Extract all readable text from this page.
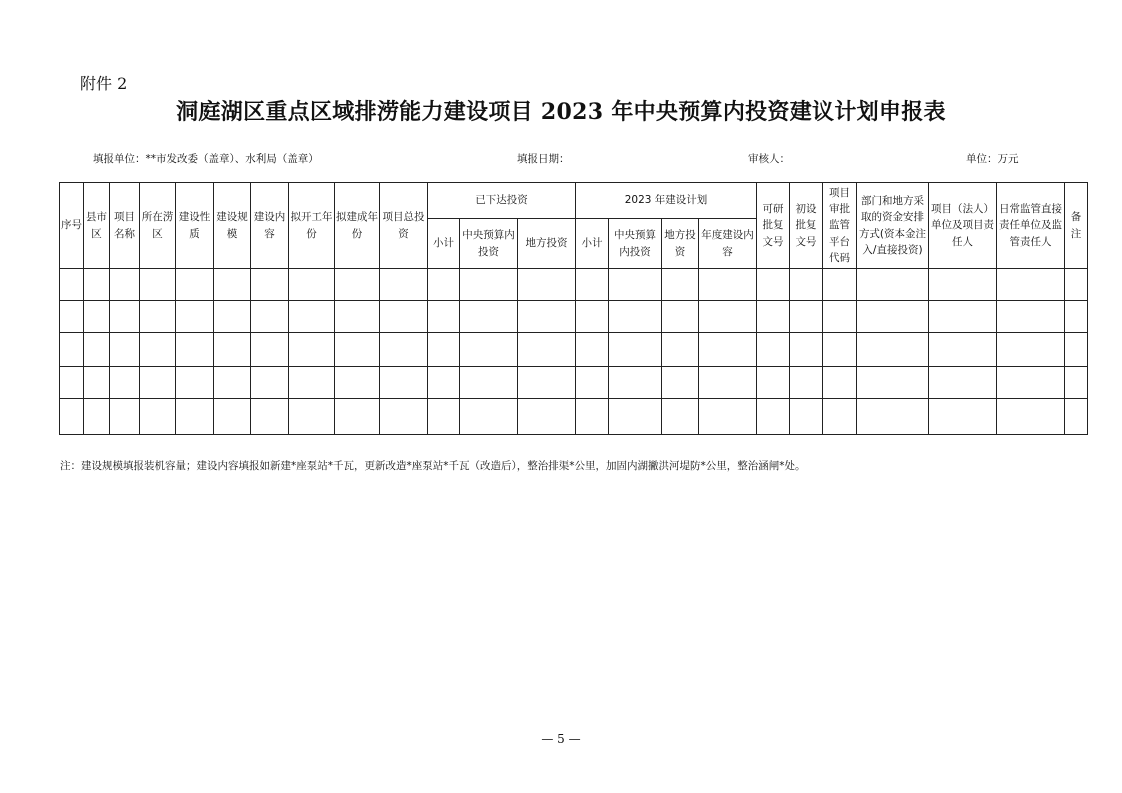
附件 2
洞庭湖区重点区域排涝能力建设项目 2023 年中央预算内投资建议计划申报表
填报单位：**市发改委（盖章）、水利局（盖章）	填报日期：	审核人：	单位：万元
序号	县市区	项目名称	所在涝区	建设性质	建设规模	建设内容	拟开工年份	拟建成年份	项目总投资	已下达投资			2023 年建设计划				可研批复文号	初设批复文号	项目审批监管平台代码	部门和地方采取的资金安排方式(资本金注入/直接投资)	项目（法人）单位及项目责任人	日常监管直接责任单位及监管责任人	备注
										小计	中央预算内投资	地方投资	小计	中央预算内投资	地方投资	年度建设内容							

注：建设规模填报装机容量；建设内容填报如新建*座泵站*千瓦，更新改造*座泵站*千瓦（改造后），整治排渠*公里，加固内湖撇洪河堤防*公里，整治涵闸*处。
— 5 —
